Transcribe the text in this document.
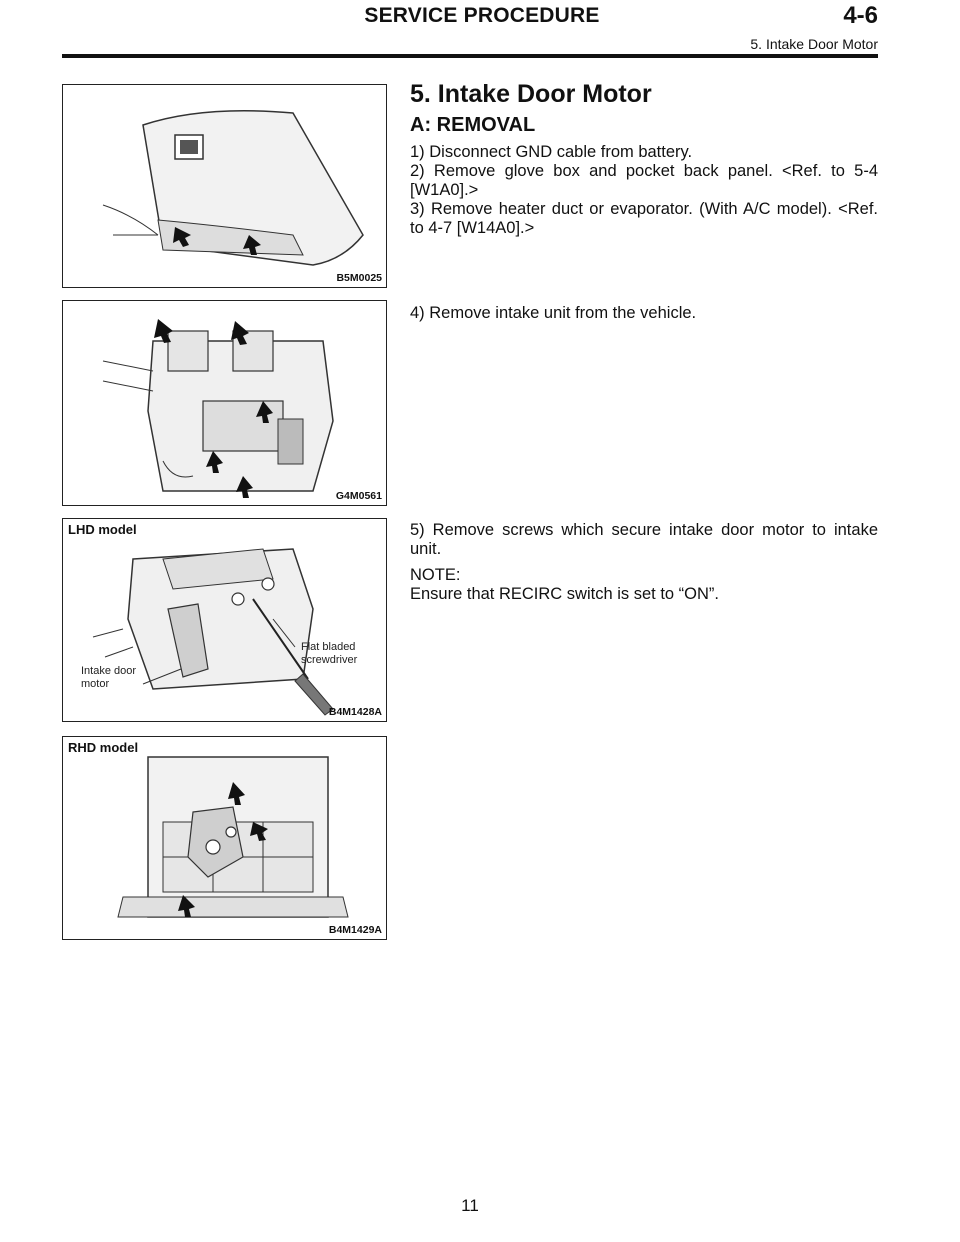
SERVICE PROCEDURE	4-6
5. Intake Door Motor
B5M0025
G4M0561
LHD model
Intake door motor
Flat bladed screwdriver
B4M1428A
RHD model
B4M1429A
5. Intake Door Motor
A: REMOVAL

1) Disconnect GND cable from battery.

2) Remove glove box and pocket back panel. <Ref. to 5-4 [W1A0].>

3) Remove heater duct or evaporator. (With A/C model). <Ref. to 4-7 [W14A0].>

4) Remove intake unit from the vehicle.

5) Remove screws which secure intake door motor to intake unit.

NOTE:

Ensure that RECIRC switch is set to “ON”.

11
